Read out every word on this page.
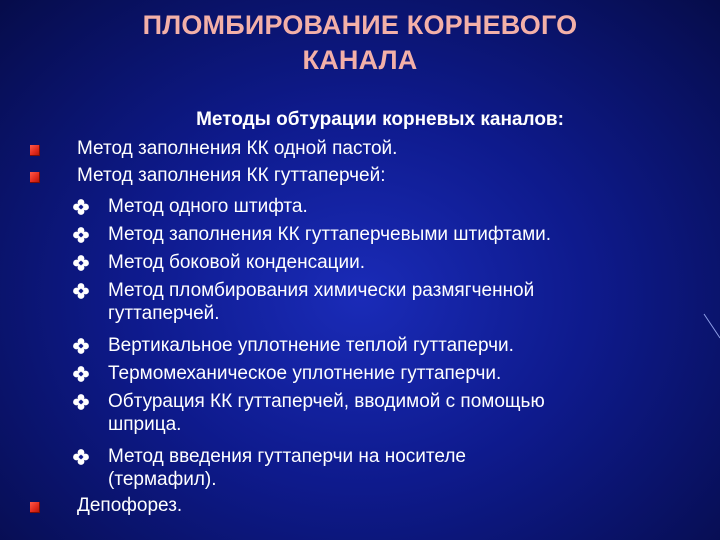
ПЛОМБИРОВАНИЕ КОРНЕВОГО
КАНАЛА
Методы обтурации корневых каналов:
Метод заполнения КК одной пастой.
Метод заполнения КК гуттаперчей:
Метод одного штифта.
Метод заполнения КК гуттаперчевыми штифтами.
Метод боковой конденсации.
Метод пломбирования химически размягченной
гуттаперчей.
Вертикальное уплотнение теплой гуттаперчи.
Термомеханическое уплотнение гуттаперчи.
Обтурация КК гуттаперчей, вводимой с помощью
шприца.
Метод введения гуттаперчи на носителе
(термафил).
Депофорез.
